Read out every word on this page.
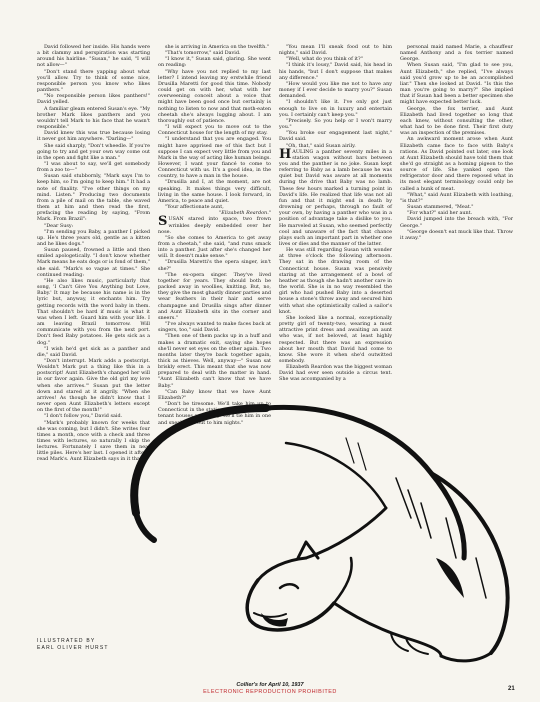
David followed her inside. His hands were a bit clammy and perspiration was starting around his hairline. "Susan," he said, "I will not allow—"

"Don't stand there yapping about what you'll allow. Try to think of some nice, responsible person you know who likes panthers."

"No responsible person likes panthers!" David yelled.

A familiar gleam entered Susan's eye. "My brother Mark likes panthers and you wouldn't tell Mark to his face that he wasn't responsible."

David knew this was true because losing it never got him anywhere. "Darling—"

She said sharply, "Don't wheedle. If you're going to try and get your own way come out in the open and fight like a man."

"I was about to say, we'll get somebody from a zoo to—"

Susan said stubbornly, "Mark says I'm to keep him, so I'm going to keep him." It had a note of finality. "I've other things on my mind. Listen." Producing two documents from a pile of mail on the table, she waved them at him and then read the first, prefacing the reading by saying, "From Mark. From Brazil":

"Dear Susy:

"I'm sending you Baby, a panther I picked up. He's three years old, gentle as a kitten and he likes dogs."

Susan paused, frowned a little and then smiled apologetically. "I don't know whether Mark means he eats dogs or is fond of them," she said. "Mark's so vague at times." She continued reading:

"He also likes music, particularly that song, 'I Can't Give You Anything but Love, Baby.' It may be because his name is in the lyric but, anyway, it enchants him. Try getting records with the word baby in them. That shouldn't be hard if music is what it was when I left. Guard him with your life. I am leaving Brazil tomorrow. Will communicate with you from the next port. Don't feed Baby potatoes. He gets sick as a dog."

"I wish he'd get sick as a panther and die," said David.

"Don't interrupt. Mark adds a postscript. Wouldn't Mark put a thing like this in a postscript! Aunt Elizabeth's changed her will in our favor again. Give the old girl my love when she arrives.'" Susan put the letter down and stared at it angrily. "When she arrives! As though he didn't know that I never open Aunt Elizabeth's letters except on the first of the month!"

"I don't follow you," David said.

"Mark's probably known for weeks that she was coming, but I didn't. She writes four times a month, once with a check and three times with lectures, so naturally I skip the lectures. Fortunately I save them in neat little piles. Here's her last. I opened it after I read Mark's. Aunt Elizabeth says in it that

she is arriving in America on the twelfth."

"That's tomorrow," said David.

"I know it," Susan said, glaring. She went on reading:

"Why have you not replied to my last letter? I intend leaving my erstwhile friend Drusilla Maretti for good this time. Nobody could get on with her, what with her overweening conceit about a voice that might have been good once but certainly is nothing to listen to now and that moth-eaten cheetah she's always lugging about. I am thoroughly out of patience.

"I will expect you to move out to the Connecticut house for the length of my stay.

"I understand that you are engaged. You might have apprised me of this fact but I suppose I can expect very little from you and Mark in the way of acting like human beings. However, I want your fiancé to come to Connecticut with us. It's a good idea, in the country, to have a man in the house.

"Drusilla and I, at the moment, are not speaking. It makes things very difficult, living in the same house. I look forward, in America, to peace and quiet.

"Your affectionate aunt,

"Elizabeth Reardon."

SUSAN stared into space, two frown wrinkles deeply embedded over her nose.

"So she comes to America to get away from a cheetah," she said, "and runs smack into a panther. Just after she's changed her will. It doesn't make sense."

"Drusilla Maretti's the opera singer, isn't she?"

"The ex-opera singer. They've lived together for years. They should both be packed away in woollies, knitting. But, no, they give the most ghastly dinner parties and wear feathers in their hair and serve champagne and Drusilla sings after dinner and Aunt Elizabeth sits in the corner and sneers."

"I've always wanted to make faces back at singers, too," said David.

"Then one of them packs up in a huff and makes a dramatic exit, saying she hopes she'll never set eyes on the other again. Two months later they're back together again, thick as thieves. Well, anyway—" Susan sat briskly erect. This meant that she was now prepared to deal with the matter in hand. "Aunt Elizabeth can't know that we have Baby."

"Can Baby know that we have Aunt Elizabeth?"

"Don't be tiresome. We'll take him up to Connecticut in the station wagon. Two of the tenant houses are empty. We'll tie him in one and sneak food out to him nights."

"You mean I'll sneak food out to him nights," said David.

"Well, what do you think of it?"

"I think it's lousy," David said, his head in his hands, "but I don't suppose that makes any difference."

"How would you like me not to have any money if I ever decide to marry you?" Susan demanded.

"I shouldn't like it. I've only got just enough to live on in luxury and entertain you. I certainly can't keep you."

"Precisely. So you help or I won't marry you."

"You broke our engagement last night," David said.

"Oh, that," said Susan airily.

HAULING a panther seventy miles in a station wagon without bars between you and the panther is no joke. Susan kept referring to Baby as a lamb because he was quiet but David was aware at all moments during the drive that Baby was no lamb. These few hours marked a turning point in David's life. He realized that life was not all fun and that it might end in death by drowning or perhaps, through no fault of your own, by having a panther who was in a position of advantage take a dislike to you. He marveled at Susan, who seemed perfectly cool and unaware of the fact that chance plays such an important part in whether one lives or dies and the manner of the latter.

He was still regarding Susan with wonder at three o'clock the following afternoon. They sat in the drawing room of the Connecticut house. Susan was pensively staring at the arrangement of a bowl of heather as though she hadn't another care in the world. She is in no way resembled the girl who had pushed Baby into a deserted house a stone's throw away and secured him with what she optimistically called a sailor's knot.

She looked like a normal, exceptionally pretty girl of twenty-two, wearing a most attractive print dress and awaiting an aunt who was, if not beloved, at least highly respected. But there was an expression about her mouth that David had come to know. She wore it when she'd outwitted somebody.

Elizabeth Reardon was the biggest woman David had ever seen outside a circus tent. She was accompanied by a

personal maid named Marie, a chauffeur named Anthony and a fox terrier named George.

When Susan said, "I'm glad to see you, Aunt Elizabeth," she replied, "I've always said you'd grow up to be an accomplished liar." Then she looked at David. "Is this the man you're going to marry?" She implied that if Susan had been a better specimen she might have expected better luck.

George, the fox terrier, and Aunt Elizabeth had lived together so long that each knew, without consulting the other, what had to be done first. Their first duty was an inspection of the premises.

An awkward moment arose when Aunt Elizabeth came face to face with Baby's rations. As David pointed out later, one look at Aunt Elizabeth should have told them that she'd go straight as a homing pigeon to the source of life. She yanked open the refrigerator door and there reposed what in its most elegant terminology could only be called a hunk of meat.

"What," said Aunt Elizabeth with loathing, "is that?"

Susan stammered, "Meat."

"For what?" said her aunt.

David jumped into the breach with, "For George."

"George doesn't eat muck like that. Throw it away."

ILLUSTRATED BY
EARL OLIVER HURST
Collier's for April 10, 1937
ELECTRONIC REPRODUCTION PROHIBITED	21
